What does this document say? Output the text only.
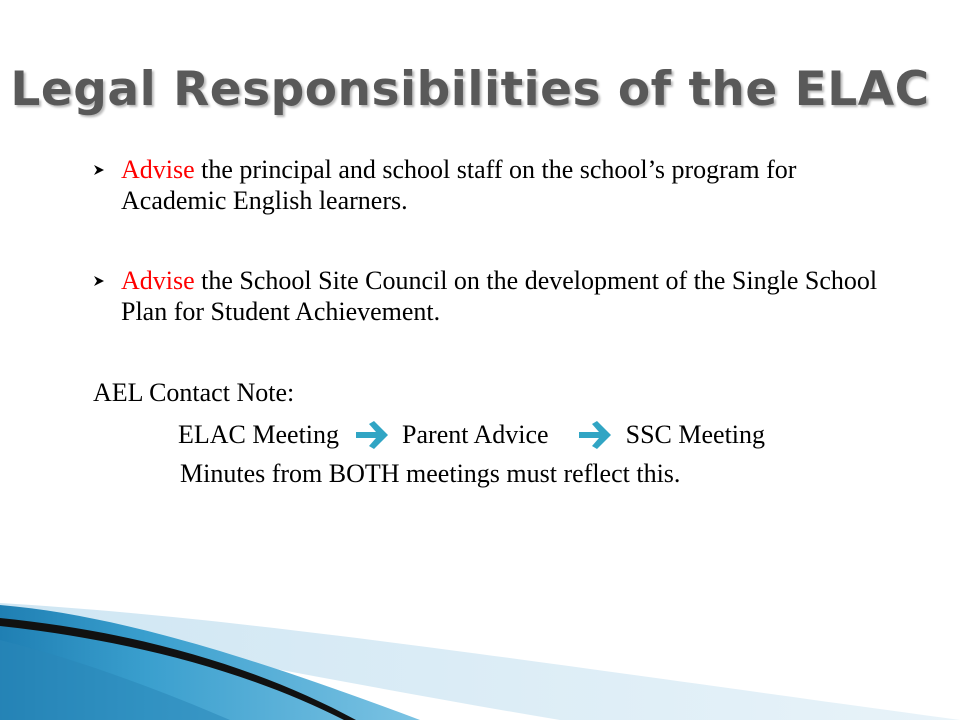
Legal Responsibilities of the ELAC
Advise the principal and school staff on the school’s program for Academic English learners.
Advise the School Site Council on the development of the Single School Plan for Student Achievement.
AEL Contact Note:
ELAC Meeting Parent Advice	SSC Meeting
Minutes from BOTH meetings must reflect this.
